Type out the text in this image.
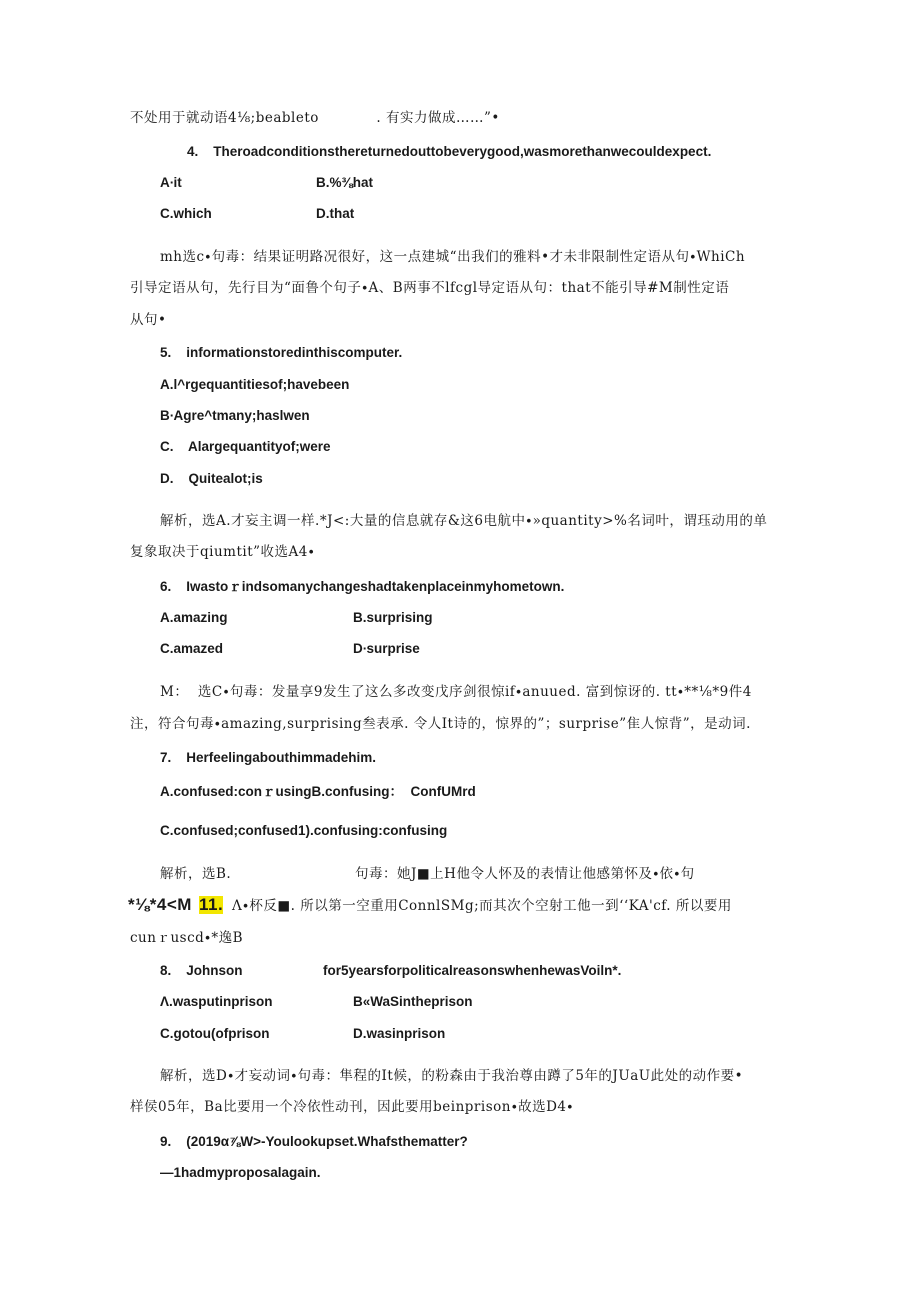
不处用于就动语4⅛;beableto            . 有实力做成……”•
4.    Theroadconditionsthereturnedouttobeverygood,wasmorethanwecouldexpect.
A∙it	B.%⅜hat
C.which	D.that
mh选c∙句毒：结果证明路况很好，这一点建城“出我们的雅料•才未非限制性定语从句∙WhiCh
引导定语从句，先行目为“面鲁个句子∙A、B两事不lfcgl导定语从句：that不能引导#M制性定语
从句•
5.    informationstoredinthiscomputer.
A.l^rgequantitiesof;havebeen
B∙Agre^tmany;haslwen
C.    Alargequantityof;were
D.    Quitealot;is
解析，选A.才妄主调一样.*J<:大量的信息就存&这6电航中∙»quantity>%名词叶，谓珏动用的单
复象取决于qiumtit”收选A4∙
6.    Iwastoｒindsomanychangeshadtakenplaceinmyhometown.
A.amazing	B.surprising
C.amazed	D∙surprise
M：  选C∙句毒：发量享9发生了这么多改变戊序剑很惊if∙anuued. 富到惊讶的. tt∙**⅛*9件4
注，符合句毒∙amazing,surprising叁表承. 令人It诗的，惊界的”；surprise”隹人惊背”，是动词.
7.    Herfeelingabouthimmadehim.
A.confused:conｒusingB.confusing：  ConfUMrd
C.confused;confused1).confusing:confusing
解析，选B.	句毒：她J■上H他令人怀及的表情让他感第怀及∙依∙句
*⅛*4<M 11. Λ∙杯反■. 所以第一空重用ConnlSMg;而其次个空射工他一到‘‘KA'cf. 所以要用
cunｒuscd∙*逸B
8.    Johnson	for5yearsforpoliticalreasonswhenhewasVoiln*.
Λ.wasputinprison	B«WaSintheprison
C.gotou(ofprison	D.wasinprison
解析，选D∙才妄动词∙句毒：隼程的It候，的粉森由于我治尊由蹲了5年的JUaU此处的动作要•
样侯05年，Ba比要用一个冷依性动刊，因此要用beinprison∙故选D4∙
9.    (2019α⅞W>-Youlookupset.Whafsthematter?
—1hadmyproposalagain.
